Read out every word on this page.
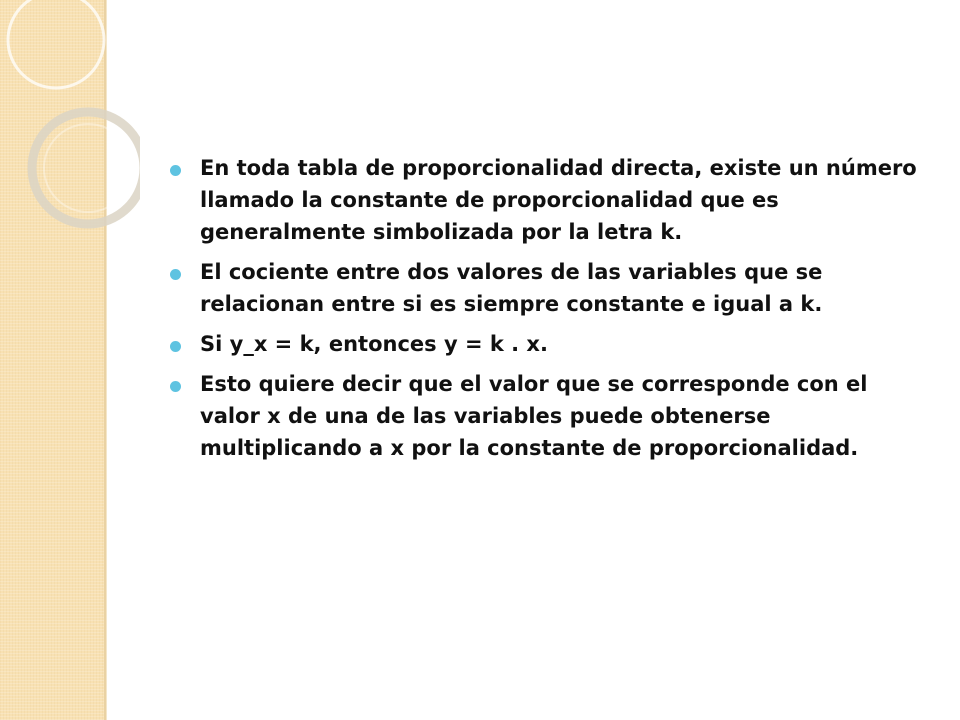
En toda tabla de proporcionalidad directa, existe un número llamado la constante de proporcionalidad que es generalmente simbolizada por la letra k.
El cociente entre dos valores de las variables que se relacionan entre si es siempre constante e igual a k.
Si y_x = k, entonces y = k . x.
Esto quiere decir que el valor que se corresponde con el valor x de una de las variables puede obtenerse multiplicando a x por la constante de proporcionalidad.
